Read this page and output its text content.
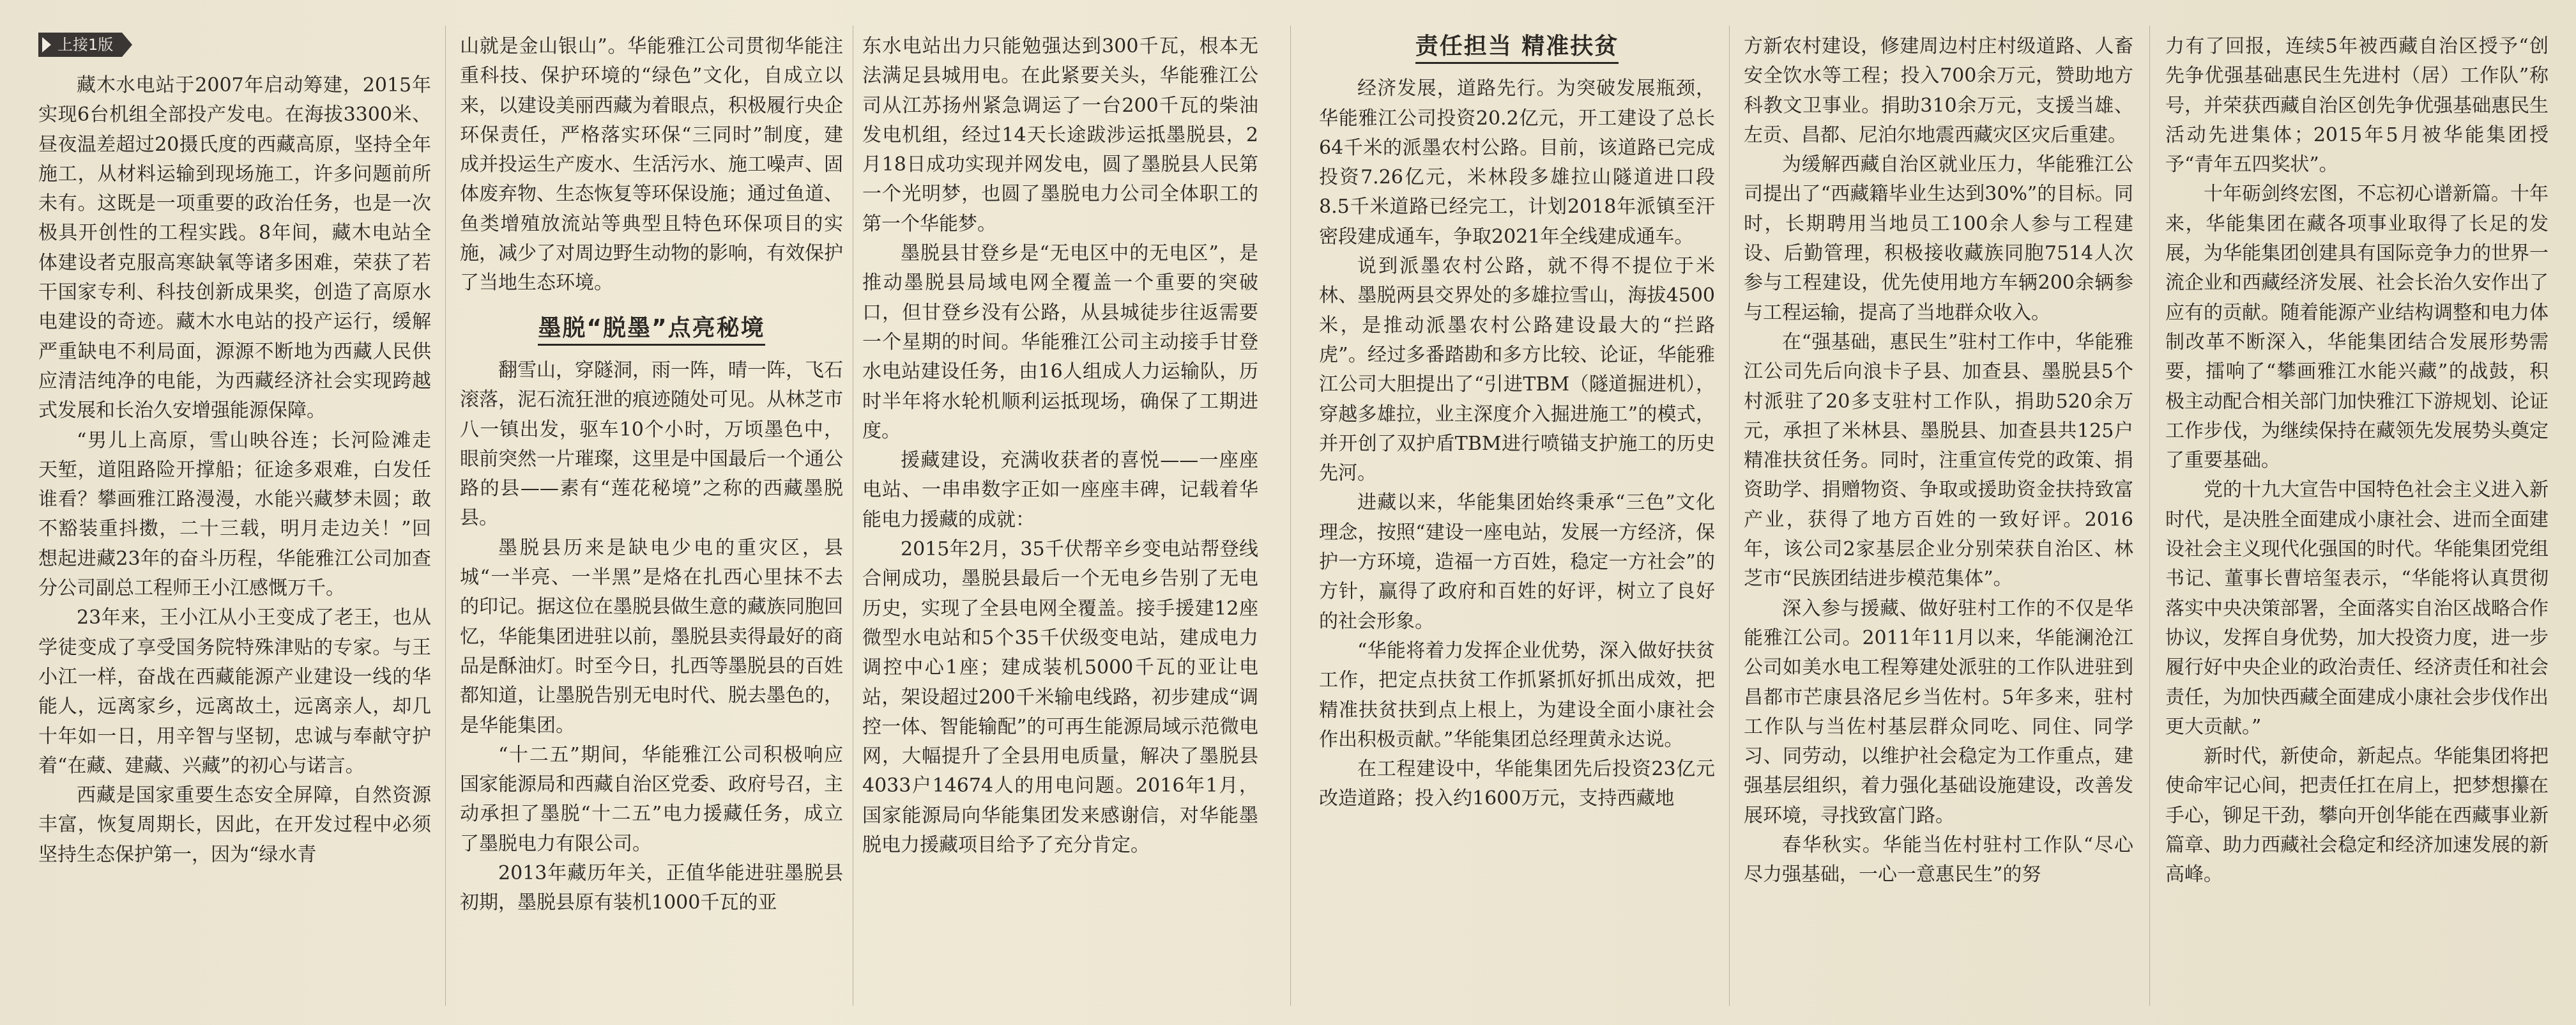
上接1版

藏木水电站于2007年启动筹建，2015年实现6台机组全部投产发电。在海拔3300米、昼夜温差超过20摄氏度的西藏高原，坚持全年施工，从材料运输到现场施工，许多问题前所未有。这既是一项重要的政治任务，也是一次极具开创性的工程实践。8年间，藏木电站全体建设者克服高寒缺氧等诸多困难，荣获了若干国家专利、科技创新成果奖，创造了高原水电建设的奇迹。藏木水电站的投产运行，缓解严重缺电不利局面，源源不断地为西藏人民供应清洁纯净的电能，为西藏经济社会实现跨越式发展和长治久安增强能源保障。

“男儿上高原，雪山映谷连；长河险滩走天堑，道阻路险开撑船；征途多艰难，白发任谁看？攀画雅江路漫漫，水能兴藏梦未圆；敢不豁装重抖擞，二十三载，明月走边关！”回想起进藏23年的奋斗历程，华能雅江公司加查分公司副总工程师王小江感慨万千。

23年来，王小江从小王变成了老王，也从学徒变成了享受国务院特殊津贴的专家。与王小江一样，奋战在西藏能源产业建设一线的华能人，远离家乡，远离故土，远离亲人，却几十年如一日，用辛智与坚韧，忠诚与奉献守护着“在藏、建藏、兴藏”的初心与诺言。

西藏是国家重要生态安全屏障，自然资源丰富，恢复周期长，因此，在开发过程中必须坚持生态保护第一，因为“绿水青

山就是金山银山”。华能雅江公司贯彻华能注重科技、保护环境的“绿色”文化，自成立以来，以建设美丽西藏为着眼点，积极履行央企环保责任，严格落实环保“三同时”制度，建成并投运生产废水、生活污水、施工噪声、固体废弃物、生态恢复等环保设施；通过鱼道、鱼类增殖放流站等典型且特色环保项目的实施，减少了对周边野生动物的影响，有效保护了当地生态环境。

墨脱“脱墨”点亮秘境

翻雪山，穿隧洞，雨一阵，晴一阵，飞石滚落，泥石流狂泄的痕迹随处可见。从林芝市八一镇出发，驱车10个小时，万顷墨色中，眼前突然一片璀璨，这里是中国最后一个通公路的县——素有“莲花秘境”之称的西藏墨脱县。

墨脱县历来是缺电少电的重灾区，县城“一半亮、一半黑”是烙在扎西心里抹不去的印记。据这位在墨脱县做生意的藏族同胞回忆，华能集团进驻以前，墨脱县卖得最好的商品是酥油灯。时至今日，扎西等墨脱县的百姓都知道，让墨脱告别无电时代、脱去墨色的，是华能集团。

“十二五”期间，华能雅江公司积极响应国家能源局和西藏自治区党委、政府号召，主动承担了墨脱“十二五”电力援藏任务，成立了墨脱电力有限公司。

2013年藏历年关，正值华能进驻墨脱县初期，墨脱县原有装机1000千瓦的亚

东水电站出力只能勉强达到300千瓦，根本无法满足县城用电。在此紧要关头，华能雅江公司从江苏扬州紧急调运了一台200千瓦的柴油发电机组，经过14天长途跋涉运抵墨脱县，2月18日成功实现并网发电，圆了墨脱县人民第一个光明梦，也圆了墨脱电力公司全体职工的第一个华能梦。

墨脱县甘登乡是“无电区中的无电区”，是推动墨脱县局域电网全覆盖一个重要的突破口，但甘登乡没有公路，从县城徒步往返需要一个星期的时间。华能雅江公司主动接手甘登水电站建设任务，由16人组成人力运输队，历时半年将水轮机顺利运抵现场，确保了工期进度。

援藏建设，充满收获者的喜悦——一座座电站、一串串数字正如一座座丰碑，记载着华能电力援藏的成就：

2015年2月，35千伏帮辛乡变电站帮登线合闸成功，墨脱县最后一个无电乡告别了无电历史，实现了全县电网全覆盖。接手援建12座微型水电站和5个35千伏级变电站，建成电力调控中心1座；建成装机5000千瓦的亚让电站，架设超过200千米输电线路，初步建成“调控一体、智能输配”的可再生能源局域示范微电网，大幅提升了全县用电质量，解决了墨脱县4033户14674人的用电问题。2016年1月，国家能源局向华能集团发来感谢信，对华能墨脱电力援藏项目给予了充分肯定。

责任担当 精准扶贫

经济发展，道路先行。为突破发展瓶颈，华能雅江公司投资20.2亿元，开工建设了总长64千米的派墨农村公路。目前，该道路已完成投资7.26亿元，米林段多雄拉山隧道进口段8.5千米道路已经完工，计划2018年派镇至汗密段建成通车，争取2021年全线建成通车。

说到派墨农村公路，就不得不提位于米林、墨脱两县交界处的多雄拉雪山，海拔4500米，是推动派墨农村公路建设最大的“拦路虎”。经过多番踏勘和多方比较、论证，华能雅江公司大胆提出了“引进TBM（隧道掘进机），穿越多雄拉，业主深度介入掘进施工”的模式，并开创了双护盾TBM进行喷锚支护施工的历史先河。

进藏以来，华能集团始终秉承“三色”文化理念，按照“建设一座电站，发展一方经济，保护一方环境，造福一方百姓，稳定一方社会”的方针，赢得了政府和百姓的好评，树立了良好的社会形象。

“华能将着力发挥企业优势，深入做好扶贫工作，把定点扶贫工作抓紧抓好抓出成效，把精准扶贫扶到点上根上，为建设全面小康社会作出积极贡献。”华能集团总经理黄永达说。

在工程建设中，华能集团先后投资23亿元改造道路；投入约1600万元，支持西藏地

方新农村建设，修建周边村庄村级道路、人畜安全饮水等工程；投入700余万元，赞助地方科教文卫事业。捐助310余万元，支援当雄、左贡、昌都、尼泊尔地震西藏灾区灾后重建。

为缓解西藏自治区就业压力，华能雅江公司提出了“西藏籍毕业生达到30%”的目标。同时，长期聘用当地员工100余人参与工程建设、后勤管理，积极接收藏族同胞7514人次参与工程建设，优先使用地方车辆200余辆参与工程运输，提高了当地群众收入。

在“强基础，惠民生”驻村工作中，华能雅江公司先后向浪卡子县、加查县、墨脱县5个村派驻了20多支驻村工作队，捐助520余万元，承担了米林县、墨脱县、加查县共125户精准扶贫任务。同时，注重宣传党的政策、捐资助学、捐赠物资、争取或援助资金扶持致富产业，获得了地方百姓的一致好评。2016年，该公司2家基层企业分别荣获自治区、林芝市“民族团结进步模范集体”。

深入参与援藏、做好驻村工作的不仅是华能雅江公司。2011年11月以来，华能澜沧江公司如美水电工程筹建处派驻的工作队进驻到昌都市芒康县洛尼乡当佐村。5年多来，驻村工作队与当佐村基层群众同吃、同住、同学习、同劳动，以维护社会稳定为工作重点，建强基层组织，着力强化基础设施建设，改善发展环境，寻找致富门路。

春华秋实。华能当佐村驻村工作队“尽心尽力强基础，一心一意惠民生”的努

力有了回报，连续5年被西藏自治区授予“创先争优强基础惠民生先进村（居）工作队”称号，并荣获西藏自治区创先争优强基础惠民生活动先进集体；2015年5月被华能集团授予“青年五四奖状”。

十年砺剑终宏图，不忘初心谱新篇。十年来，华能集团在藏各项事业取得了长足的发展，为华能集团创建具有国际竞争力的世界一流企业和西藏经济发展、社会长治久安作出了应有的贡献。随着能源产业结构调整和电力体制改革不断深入，华能集团结合发展形势需要，擂响了“攀画雅江水能兴藏”的战鼓，积极主动配合相关部门加快雅江下游规划、论证工作步伐，为继续保持在藏领先发展势头奠定了重要基础。

党的十九大宣告中国特色社会主义进入新时代，是决胜全面建成小康社会、进而全面建设社会主义现代化强国的时代。华能集团党组书记、董事长曹培玺表示，“华能将认真贯彻落实中央决策部署，全面落实自治区战略合作协议，发挥自身优势，加大投资力度，进一步履行好中央企业的政治责任、经济责任和社会责任，为加快西藏全面建成小康社会步伐作出更大贡献。”

新时代，新使命，新起点。华能集团将把使命牢记心间，把责任扛在肩上，把梦想攥在手心，铆足干劲，攀向开创华能在西藏事业新篇章、助力西藏社会稳定和经济加速发展的新高峰。
